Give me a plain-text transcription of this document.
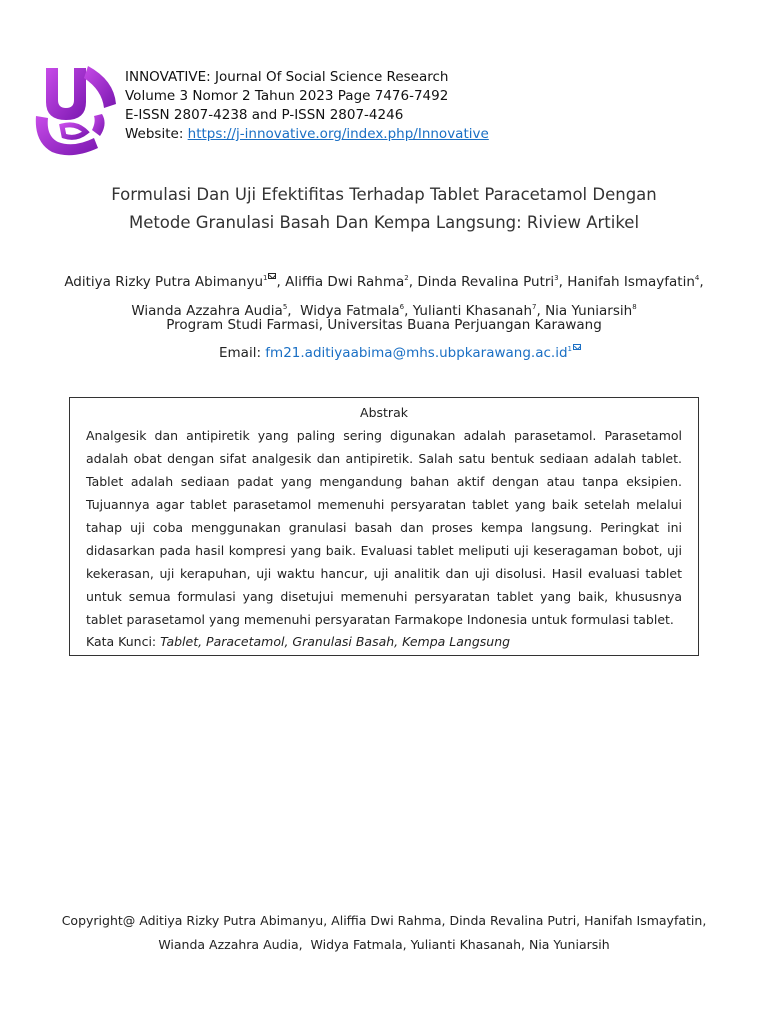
INNOVATIVE: Journal Of Social Science Research
Volume 3 Nomor 2 Tahun 2023 Page 7476-7492
E-ISSN 2807-4238 and P-ISSN 2807-4246
Website: https://j-innovative.org/index.php/Innovative
Formulasi Dan Uji Efektifitas Terhadap Tablet Paracetamol Dengan
Metode Granulasi Basah Dan Kempa Langsung: Riview Artikel
Aditiya Rizky Putra Abimanyu$^1$ , Aliffia Dwi Rahma$^2$, Dinda Revalina Putri$^3$, Hanifah Ismayfatin$^4$,
Wianda Azzahra Audia$^5$,  Widya Fatmala$^6$, Yulianti Khasanah$^7$, Nia Yuniarsih$^8$
Program Studi Farmasi, Universitas Buana Perjuangan Karawang
Email: $fm21.aditiyaabima@mhs.ubpkarawang.ac.id^1$
Abstrak

Analgesik dan antipiretik yang paling sering digunakan adalah parasetamol. Parasetamol adalah obat dengan sifat analgesik dan antipiretik. Salah satu bentuk sediaan adalah tablet. Tablet adalah sediaan padat yang mengandung bahan aktif dengan atau tanpa eksipien. Tujuannya agar tablet parasetamol memenuhi persyaratan tablet yang baik setelah melalui tahap uji coba menggunakan granulasi basah dan proses kempa langsung. Peringkat ini didasarkan pada hasil kompresi yang baik. Evaluasi tablet meliputi uji keseragaman bobot, uji kekerasan, uji kerapuhan, uji waktu hancur, uji analitik dan uji disolusi. Hasil evaluasi tablet untuk semua formulasi yang disetujui memenuhi persyaratan tablet yang baik, khususnya tablet parasetamol yang memenuhi persyaratan Farmakope Indonesia untuk formulasi tablet.

Kata Kunci: Tablet, Paracetamol, Granulasi Basah, Kempa Langsung
Copyright@ Aditiya Rizky Putra Abimanyu, Aliffia Dwi Rahma, Dinda Revalina Putri, Hanifah Ismayfatin,
Wianda Azzahra Audia,  Widya Fatmala, Yulianti Khasanah, Nia Yuniarsih
